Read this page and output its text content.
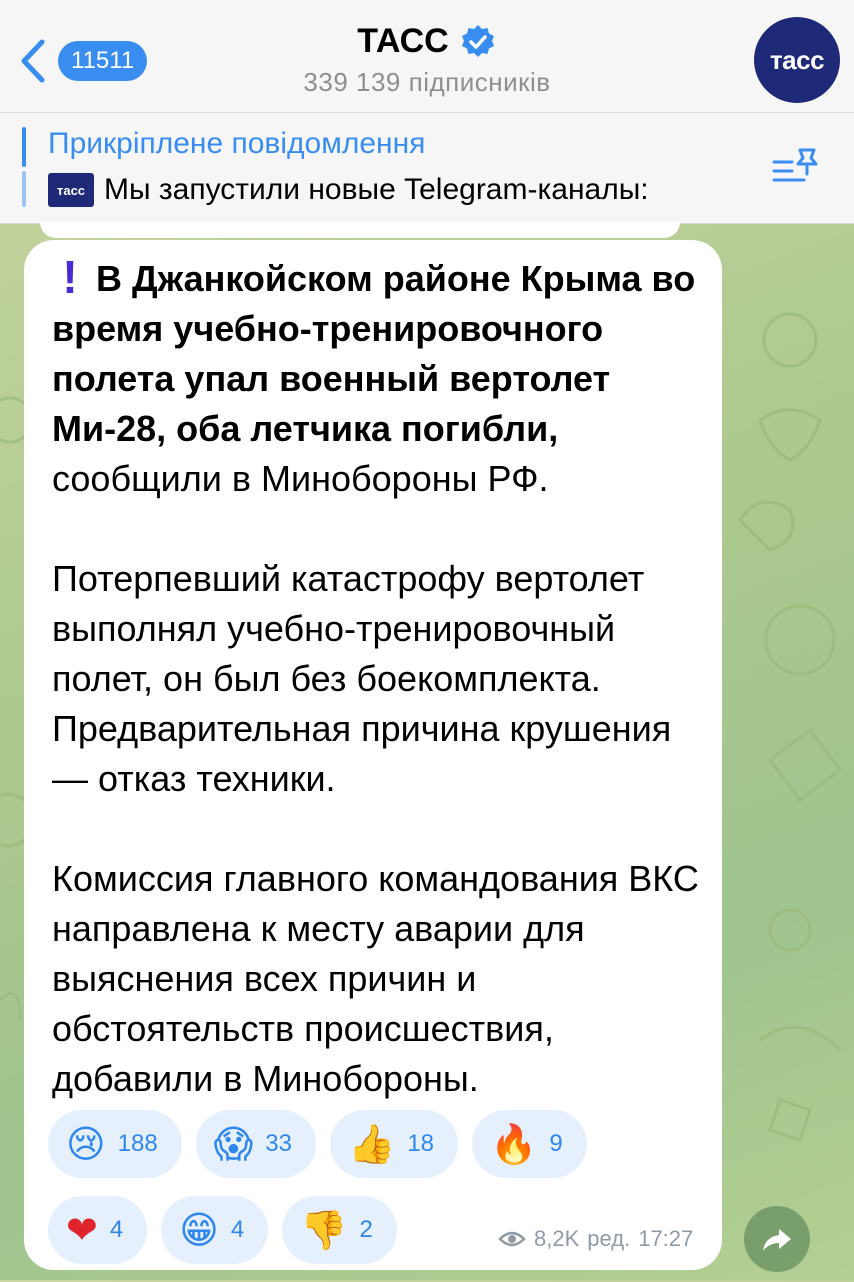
11511
ТАСС
339 139 підписників
тасс
Прикріплене повідомлення
тасс Мы запустили новые Telegram-каналы:

! В Джанкойском районе Крыма во время учебно-тренировочного полета упал военный вертолет Ми-28, оба летчика погибли, сообщили в Минобороны РФ.

Потерпевший катастрофу вертолет выполнял учебно-тренировочный полет, он был без боекомплекта. Предварительная причина крушения — отказ техники.

Комиссия главного командования ВКС направлена к месту аварии для выяснения всех причин и обстоятельств происшествия, добавили в Минобороны.

😢 188 😱 33 👍 18 🔥 9
❤ 4 😁 4 👎 2	8,2K ред. 17:27
